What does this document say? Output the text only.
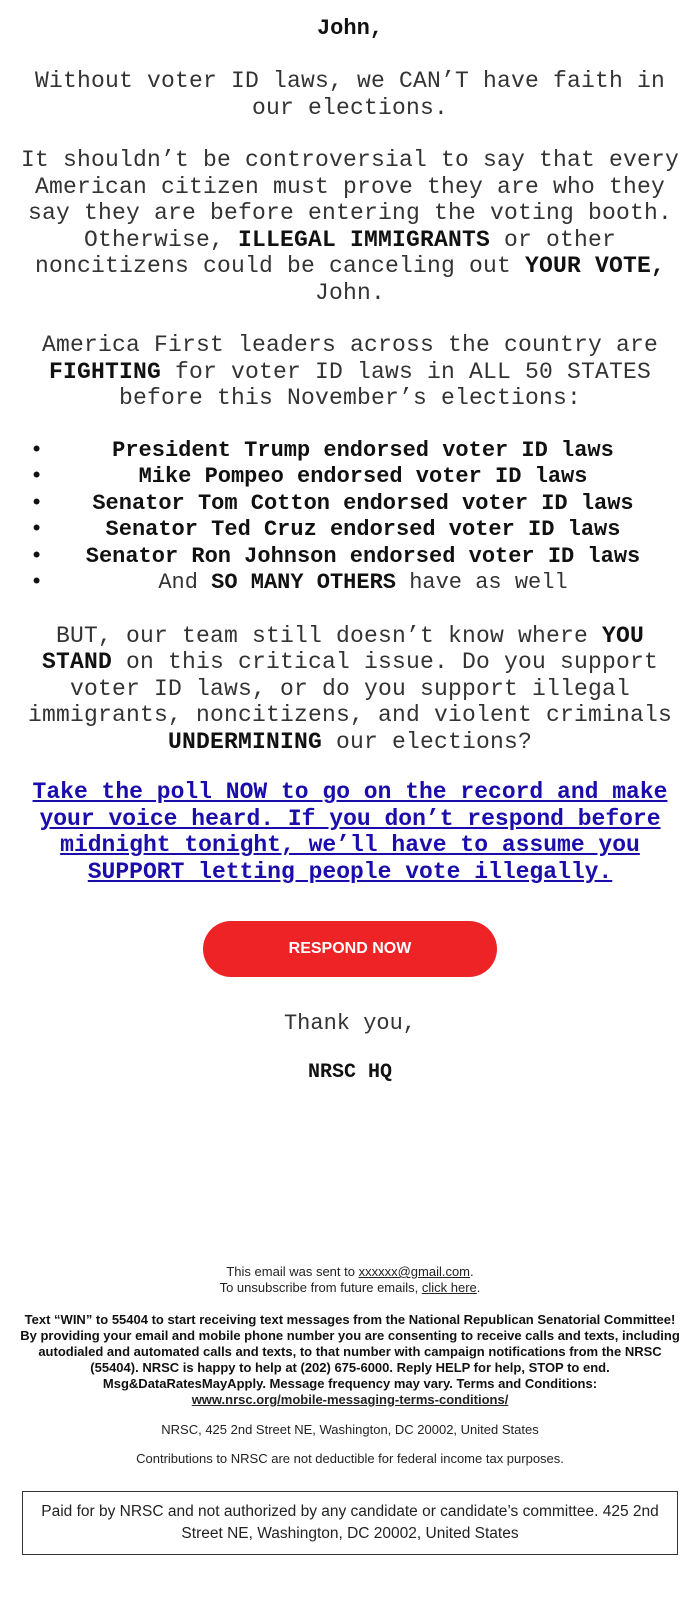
John,

Without voter ID laws, we CAN’T have faith in our elections.

It shouldn’t be controversial to say that every American citizen must prove they are who they say they are before entering the voting booth. Otherwise, ILLEGAL IMMIGRANTS or other noncitizens could be canceling out YOUR VOTE, John.

America First leaders across the country are FIGHTING for voter ID laws in ALL 50 STATES before this November’s elections:

• President Trump endorsed voter ID laws
• Mike Pompeo endorsed voter ID laws
• Senator Tom Cotton endorsed voter ID laws
• Senator Ted Cruz endorsed voter ID laws
• Senator Ron Johnson endorsed voter ID laws
• And SO MANY OTHERS have as well

BUT, our team still doesn’t know where YOU STAND on this critical issue. Do you support voter ID laws, or do you support illegal immigrants, noncitizens, and violent criminals UNDERMINING our elections?

Take the poll NOW to go on the record and make your voice heard. If you don’t respond before midnight tonight, we’ll have to assume you SUPPORT letting people vote illegally.
RESPOND NOW
Thank you,
NRSC HQ
This email was sent to xxxxxx@gmail.com.
To unsubscribe from future emails, click here.
Text “WIN” to 55404 to start receiving text messages from the National Republican Senatorial Committee! By providing your email and mobile phone number you are consenting to receive calls and texts, including autodialed and automated calls and texts, to that number with campaign notifications from the NRSC (55404). NRSC is happy to help at (202) 675-6000. Reply HELP for help, STOP to end. Msg&DataRatesMayApply. Message frequency may vary. Terms and Conditions:
www.nrsc.org/mobile-messaging-terms-conditions/
NRSC, 425 2nd Street NE, Washington, DC 20002, United States
Contributions to NRSC are not deductible for federal income tax purposes.
Paid for by NRSC and not authorized by any candidate or candidate’s committee. 425 2nd Street NE, Washington, DC 20002, United States
